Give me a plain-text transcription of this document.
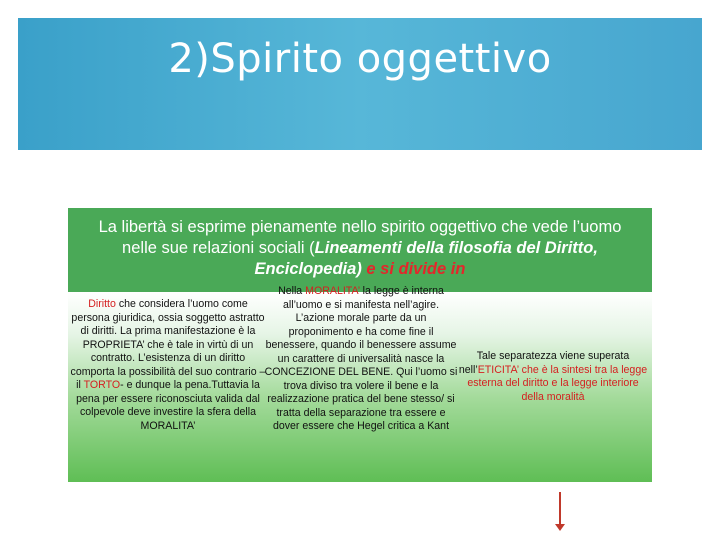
2)Spirito oggettivo
La libertà si esprime pienamente nello spirito oggettivo che vede l’uomo nelle sue relazioni sociali (Lineamenti della filosofia del Diritto, Enciclopedia) e si divide in
Diritto che considera l’uomo come persona giuridica, ossia soggetto astratto di diritti. La prima manifestazione è la PROPRIETA’ che è tale in virtù di un contratto. L’esistenza di un diritto comporta la possibilità del suo contrario – il TORTO- e dunque la pena.Tuttavia la pena per essere riconosciuta valida dal colpevole deve investire la sfera della MORALITA’
Nella MORALITA’ la legge è interna all’uomo e si manifesta nell’agire. L’azione morale parte da un proponimento e ha come fine il benessere, quando il benessere assume un carattere di universalità nasce la CONCEZIONE DEL BENE. Qui l’uomo si trova diviso tra volere il bene e la realizzazione pratica del bene stesso/ si tratta della separazione tra essere e dover essere che Hegel critica a Kant
Tale separatezza viene superata nell’ETICITA’ che è la sintesi tra la legge esterna del diritto e la legge interiore della moralità
